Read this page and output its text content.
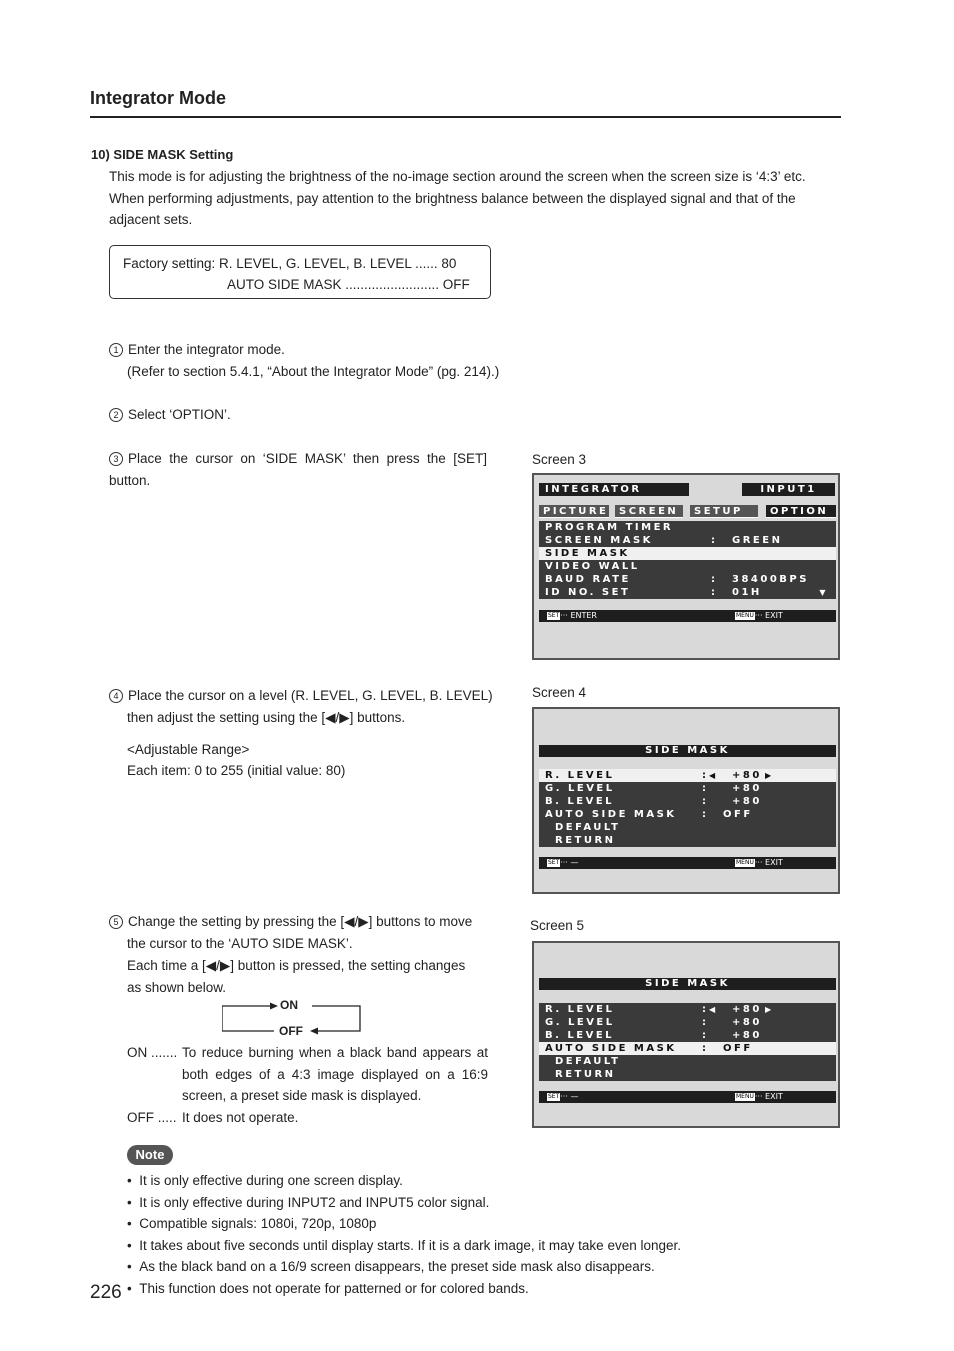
Integrator Mode
10) SIDE MASK Setting
This mode is for adjusting the brightness of the no-image section around the screen when the screen size is ‘4:3’ etc. When performing adjustments, pay attention to the brightness balance between the displayed signal and that of the adjacent sets.
Factory setting: R. LEVEL, G. LEVEL, B. LEVEL ...... 80
AUTO SIDE MASK ......................... OFF
1 Enter the integrator mode.
(Refer to section 5.4.1, “About the Integrator Mode” (pg. 214).)
2 Select ‘OPTION’.
3 Place the cursor on ‘SIDE MASK’ then press the [SET] button.
Screen 3
INTEGRATOR	INPUT1
PICTURE	SCREEN	SETUP	OPTION
PROGRAM TIMER
SCREEN MASK	: GREEN
SIDE MASK
VIDEO WALL
BAUD RATE	: 38400BPS
ID NO. SET	: 01H	▼
SET··· ENTER	MENU··· EXIT
4 Place the cursor on a level (R. LEVEL, G. LEVEL, B. LEVEL)
then adjust the setting using the [◀/▶] buttons.
<Adjustable Range>
Each item: 0 to 255 (initial value: 80)
Screen 4
SIDE MASK
R. LEVEL	: ◀ +80 ▶
G. LEVEL	: +80
B. LEVEL	: +80
AUTO SIDE MASK	: OFF
DEFAULT
RETURN
SET··· —	MENU··· EXIT
5 Change the setting by pressing the [◀/▶] buttons to move
the cursor to the ‘AUTO SIDE MASK’.
Each time a [◀/▶] button is pressed, the setting changes
as shown below.
ON
OFF
ON ....... To reduce burning when a black band appears at both edges of a 4:3 image displayed on a 16:9 screen, a preset side mask is displayed.
OFF ..... It does not operate.
Screen 5
SIDE MASK
R. LEVEL	: ◀ +80 ▶
G. LEVEL	: +80
B. LEVEL	: +80
AUTO SIDE MASK	: OFF
DEFAULT
RETURN
SET··· —	MENU··· EXIT
Note
•  It is only effective during one screen display.
•  It is only effective during INPUT2 and INPUT5 color signal.
•  Compatible signals: 1080i, 720p, 1080p
•  It takes about five seconds until display starts. If it is a dark image, it may take even longer.
•  As the black band on a 16/9 screen disappears, the preset side mask also disappears.
•  This function does not operate for patterned or for colored bands.
226
